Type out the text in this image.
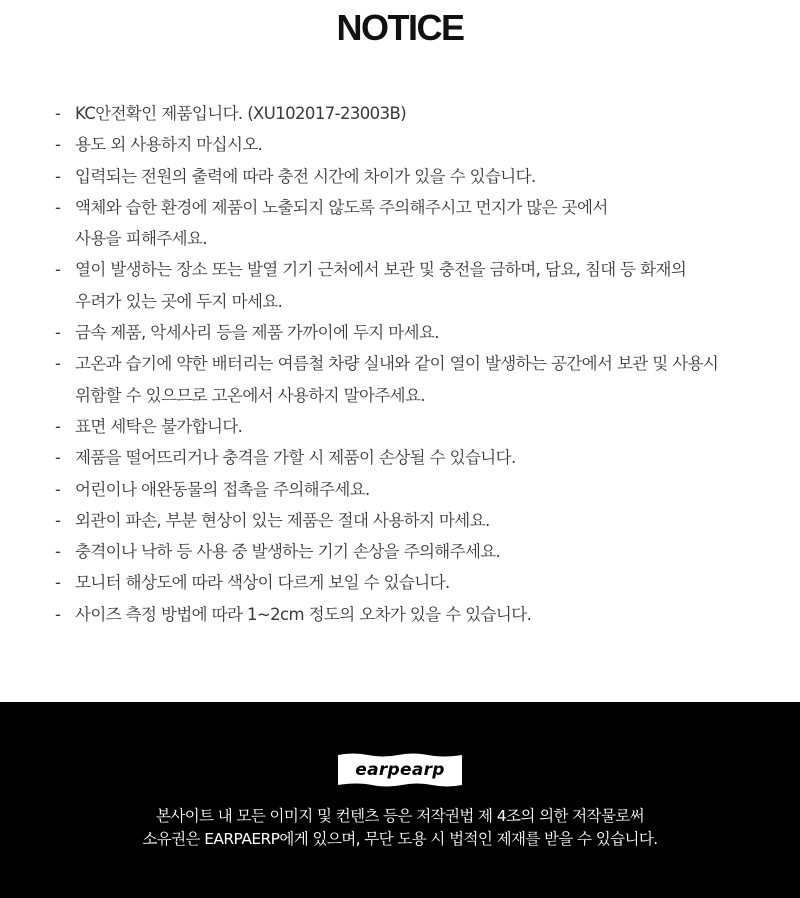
NOTICE
- KC안전확인 제품입니다. (XU102017-23003B)
- 용도 외 사용하지 마십시오.
- 입력되는 전원의 출력에 따라 충전 시간에 차이가 있을 수 있습니다.
- 액체와 습한 환경에 제품이 노출되지 않도록 주의해주시고 먼지가 많은 곳에서
사용을 피해주세요.
- 열이 발생하는 장소 또는 발열 기기 근처에서 보관 및 충전을 금하며, 담요, 침대 등 화재의
우려가 있는 곳에 두지 마세요.
- 금속 제품, 악세사리 등을 제품 가까이에 두지 마세요.
- 고온과 습기에 약한 배터리는 여름철 차량 실내와 같이 열이 발생하는 공간에서 보관 및 사용시
위함할 수 있으므로 고온에서 사용하지 말아주세요.
- 표면 세탁은 불가합니다.
- 제품을 떨어뜨리거나 충격을 가할 시 제품이 손상될 수 있습니다.
- 어린이나 애완동물의 접촉을 주의해주세요.
- 외관이 파손, 부분 현상이 있는 제품은 절대 사용하지 마세요.
- 충격이나 낙하 등 사용 중 발생하는 기기 손상을 주의해주세요.
- 모니터 해상도에 따라 색상이 다르게 보일 수 있습니다.
- 사이즈 측정 방법에 따라 1~2cm 정도의 오차가 있을 수 있습니다.
earpearp
본사이트 내 모든 이미지 및 컨텐츠 등은 저작권법 제 4조의 의한 저작물로써
소유권은 EARPAERP에게 있으며, 무단 도용 시 법적인 제재를 받을 수 있습니다.
